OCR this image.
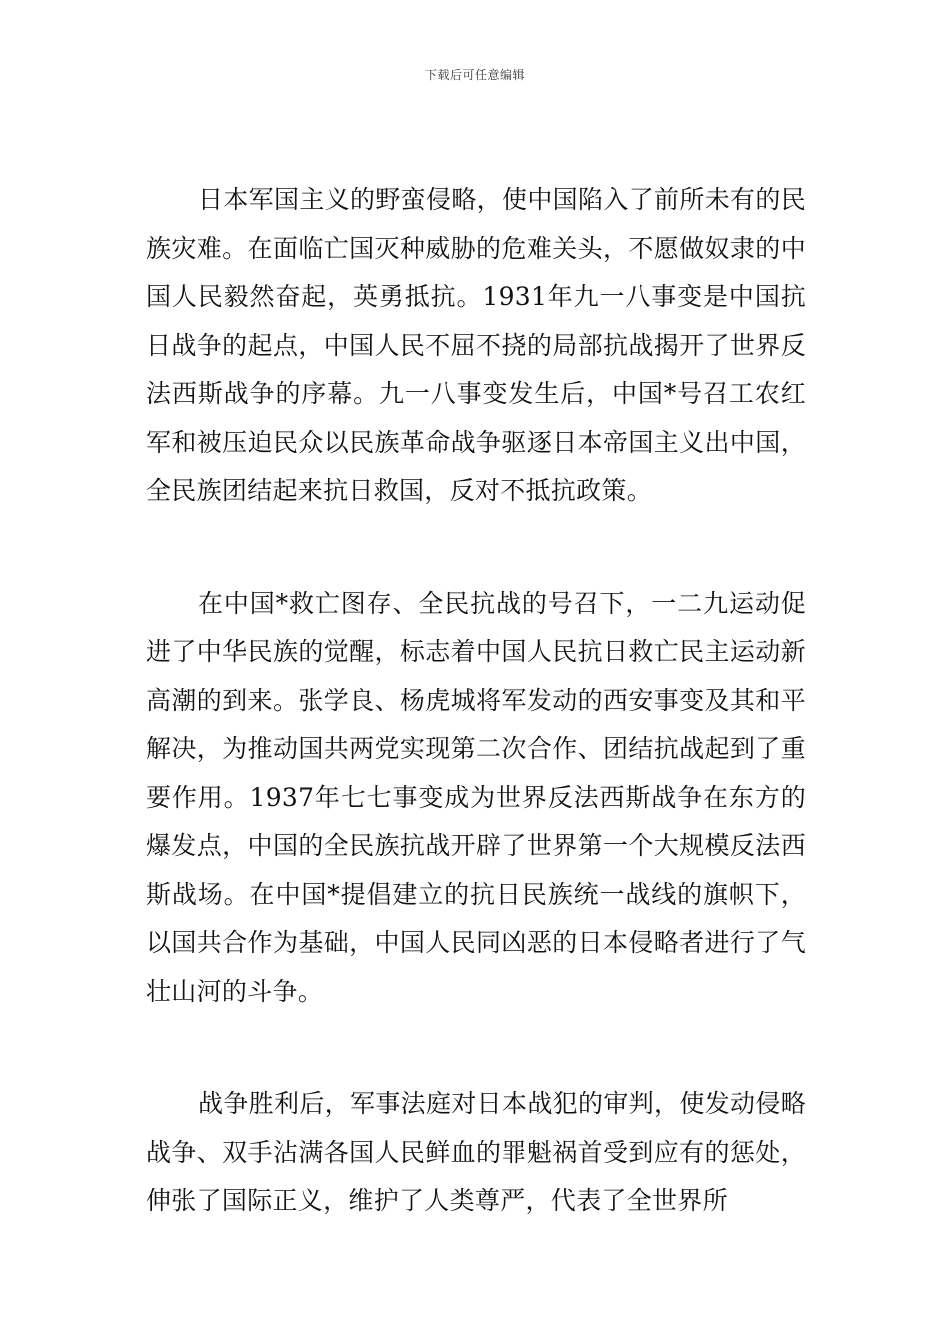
下载后可任意编辑

日本军国主义的野蛮侵略，使中国陷入了前所未有的民族灾难。在面临亡国灭种威胁的危难关头，不愿做奴隶的中国人民毅然奋起，英勇抵抗。1931年九一八事变是中国抗日战争的起点，中国人民不屈不挠的局部抗战揭开了世界反法西斯战争的序幕。九一八事变发生后，中国*号召工农红军和被压迫民众以民族革命战争驱逐日本帝国主义出中国，全民族团结起来抗日救国，反对不抵抗政策。

在中国*救亡图存、全民抗战的号召下，一二九运动促进了中华民族的觉醒，标志着中国人民抗日救亡民主运动新高潮的到来。张学良、杨虎城将军发动的西安事变及其和平解决，为推动国共两党实现第二次合作、团结抗战起到了重要作用。1937年七七事变成为世界反法西斯战争在东方的爆发点，中国的全民族抗战开辟了世界第一个大规模反法西斯战场。在中国*提倡建立的抗日民族统一战线的旗帜下，以国共合作为基础，中国人民同凶恶的日本侵略者进行了气壮山河的斗争。

战争胜利后，军事法庭对日本战犯的审判，使发动侵略战争、双手沾满各国人民鲜血的罪魁祸首受到应有的惩处，伸张了国际正义，维护了人类尊严，代表了全世界所
